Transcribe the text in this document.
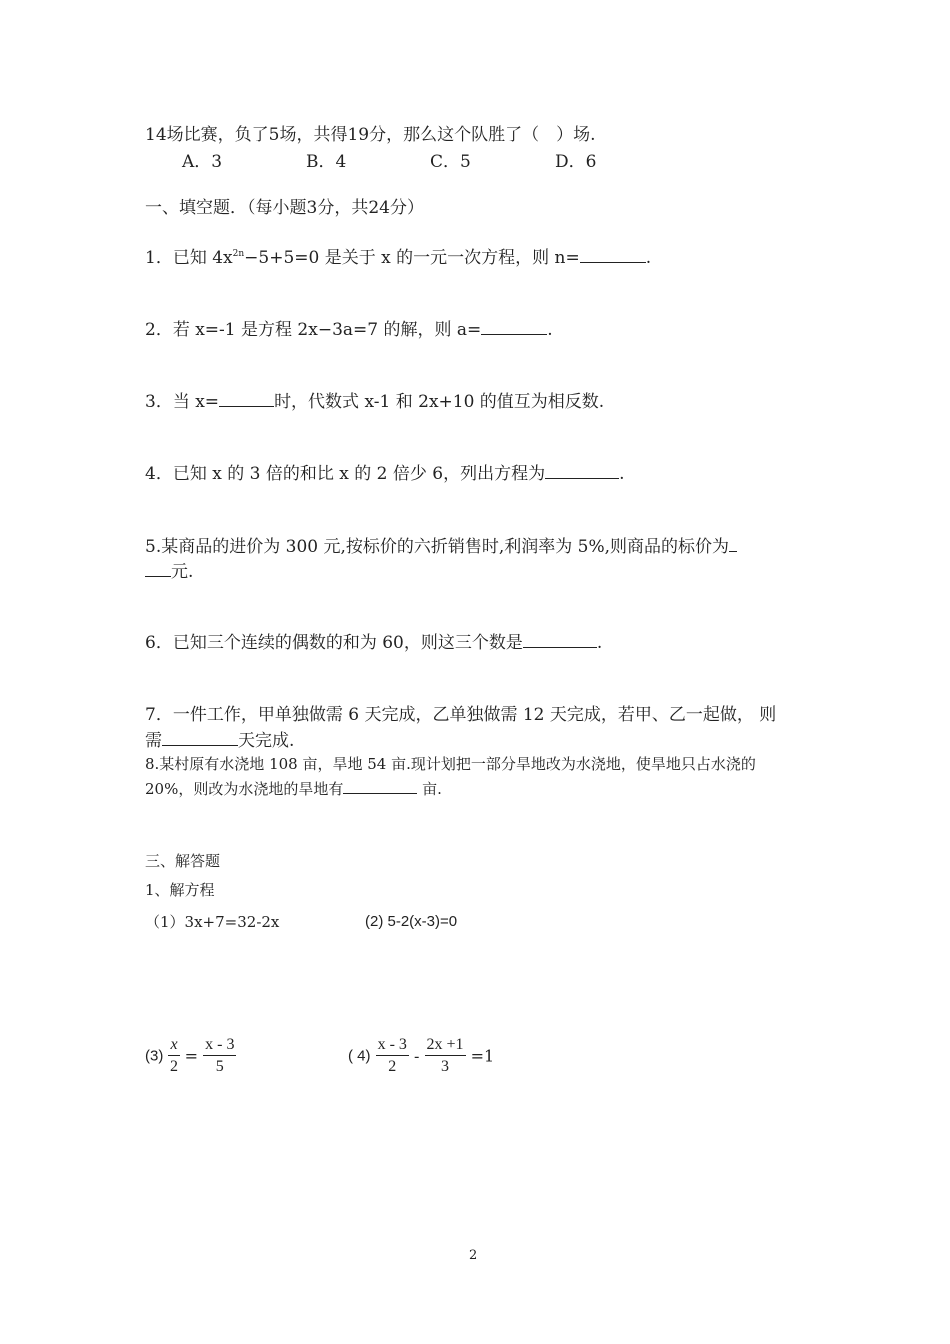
14场比赛，负了5场，共得19分，那么这个队胜了（　）场.
A．3	B．4	C．5	D．6
一、填空题．（每小题3分，共24分）
1．已知 $4x^{2n}-5+5=0$ 是关于 x 的一元一次方程，则 n=	.
2．若 x=-1 是方程 2x−3a=7 的解，则 a=	.
3．当 x=	时，代数式 x-1 和 2x+10 的值互为相反数.
4．已知 x 的 3 倍的和比 x 的 2 倍少 6，列出方程为	.
5.某商品的进价为 300 元,按标价的六折销售时,利润率为 5%,则商品的标价为
元.
6．已知三个连续的偶数的和为 60，则这三个数是	.
7．一件工作，甲单独做需 6 天完成，乙单独做需 12 天完成，若甲、乙一起做， 则
需	天完成.
8.某村原有水浇地 108 亩，旱地 54 亩.现计划把一部分旱地改为水浇地，使旱地只占水浇的
20%，则改为水浇地的旱地有	亩.
三、解答题
1、解方程
（1）3x+7=32-2x	(2) 5-2(x-3)=0
$(3) \frac{x}{2} = \frac{x - 3}{5}$	( $4) \frac{x - 3}{2} - \frac{2x +1}{3} =1$
2
